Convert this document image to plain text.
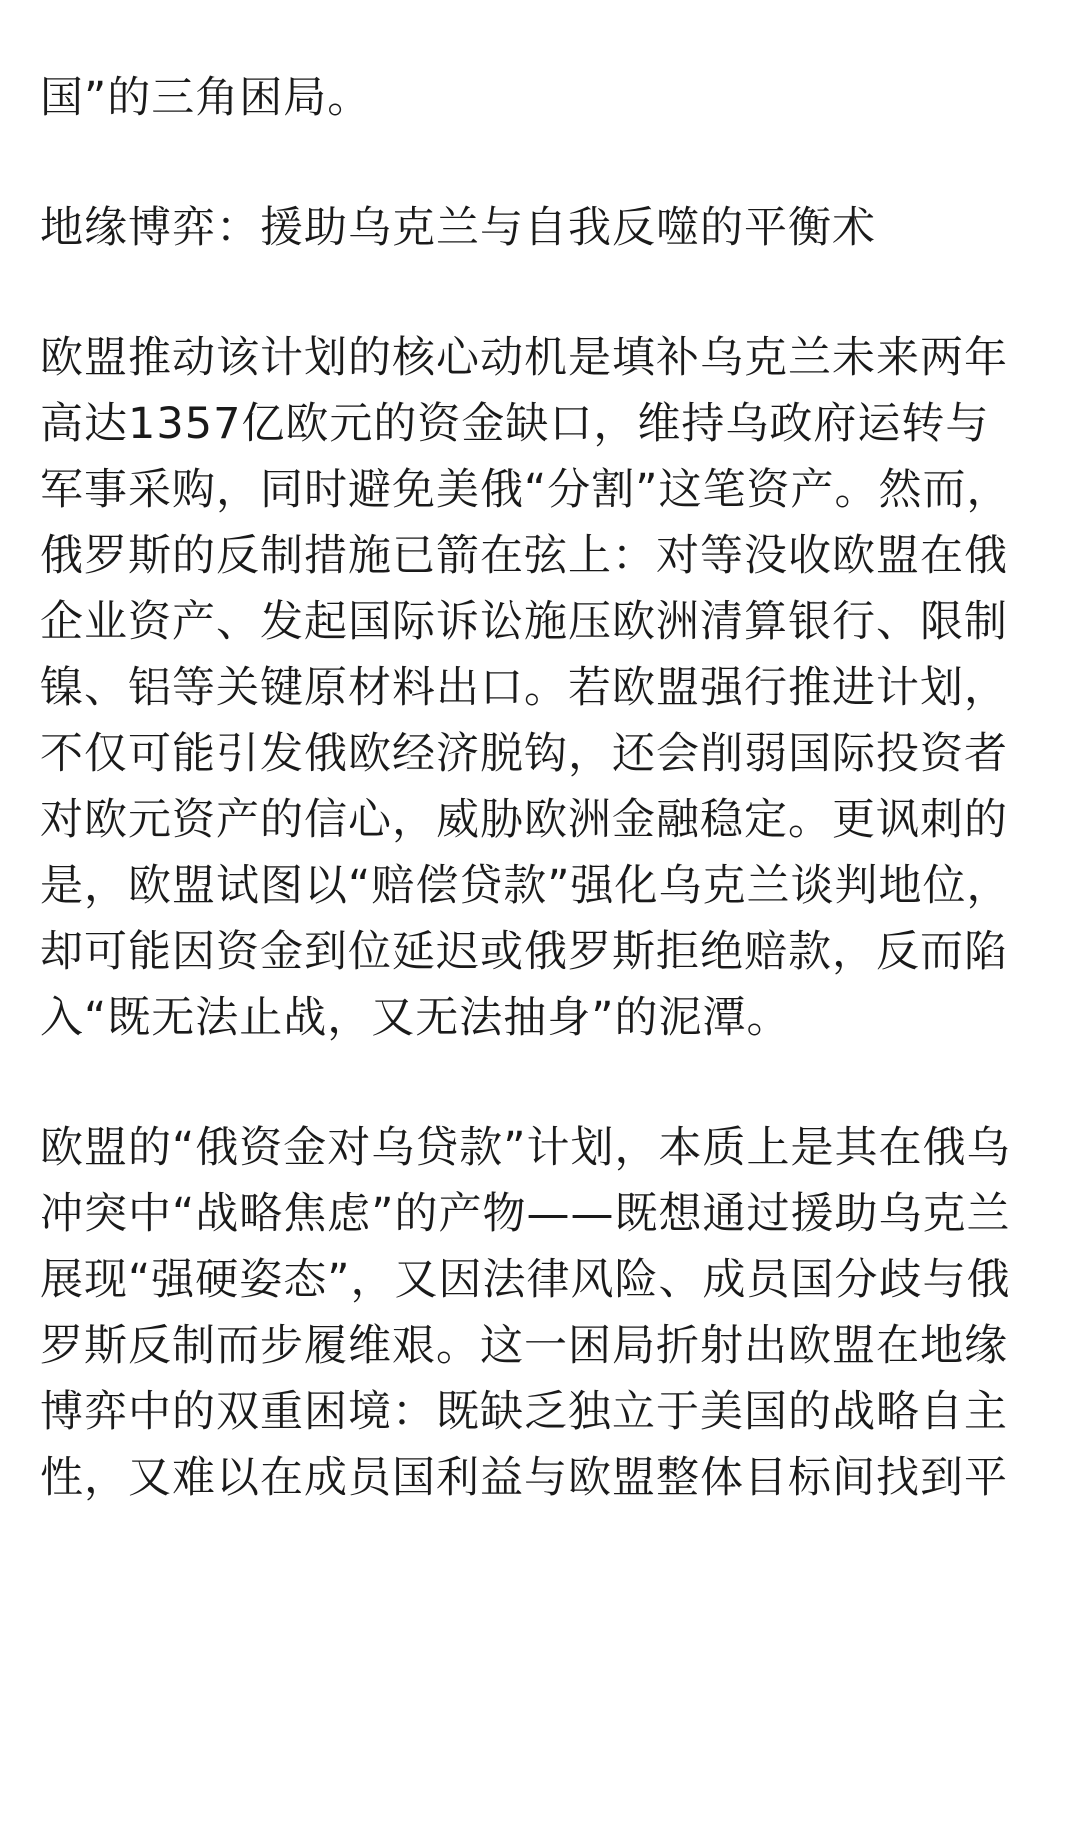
国”的三角困局。

地缘博弈：援助乌克兰与自我反噬的平衡术

欧盟推动该计划的核心动机是填补乌克兰未来两年

高达1357亿欧元的资金缺口，维持乌政府运转与

军事采购，同时避免美俄“分割”这笔资产。然而，

俄罗斯的反制措施已箭在弦上：对等没收欧盟在俄

企业资产、发起国际诉讼施压欧洲清算银行、限制

镍、铝等关键原材料出口。若欧盟强行推进计划，

不仅可能引发俄欧经济脱钩，还会削弱国际投资者

对欧元资产的信心，威胁欧洲金融稳定。更讽刺的

是，欧盟试图以“赔偿贷款”强化乌克兰谈判地位，

却可能因资金到位延迟或俄罗斯拒绝赔款，反而陷

入“既无法止战，又无法抽身”的泥潭。

欧盟的“俄资金对乌贷款”计划，本质上是其在俄乌

冲突中“战略焦虑”的产物——既想通过援助乌克兰

展现“强硬姿态”，又因法律风险、成员国分歧与俄

罗斯反制而步履维艰。这一困局折射出欧盟在地缘

博弈中的双重困境：既缺乏独立于美国的战略自主

性，又难以在成员国利益与欧盟整体目标间找到平
